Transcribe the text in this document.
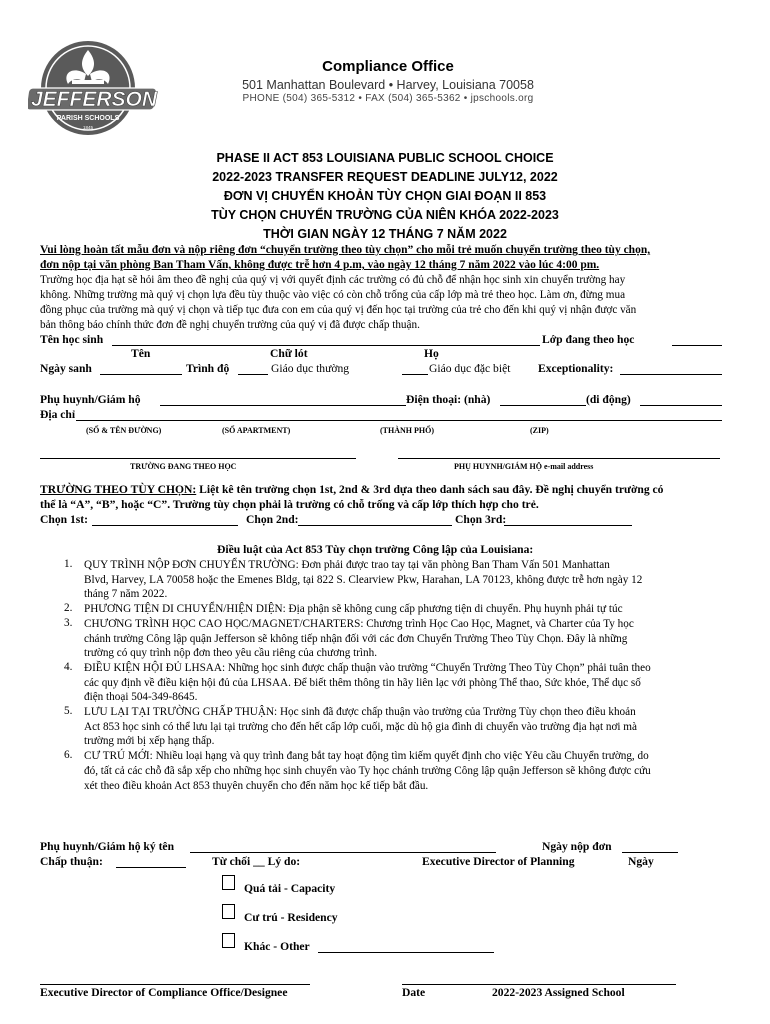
JEFFERSON
PARISH SCHOOLS
1845
Compliance Office
501 Manhattan Boulevard • Harvey, Louisiana 70058
PHONE (504) 365-5312 • FAX (504) 365-5362 • jpschools.org
PHASE II ACT 853 LOUISIANA PUBLIC SCHOOL CHOICE
2022-2023 TRANSFER REQUEST DEADLINE JULY12, 2022
ĐƠN VỊ CHUYỂN KHOẢN TÙY CHỌN GIAI ĐOẠN II 853
TÙY CHỌN CHUYỂN TRƯỜNG CỦA NIÊN KHÓA 2022-2023
THỜI GIAN NGÀY 12 THÁNG 7 NĂM 2022
Vui lòng hoàn tất mẫu đơn và nộp riêng đơn “chuyển trường theo tùy chọn” cho mỗi trẻ muốn chuyển trường theo tùy chọn,
đơn nộp tại văn phòng Ban Tham Vấn, không được trễ hơn 4 p.m, vào ngày 12 tháng 7 năm 2022 vào lúc 4:00 pm.
Trường học địa hạt sẽ hỏi âm theo đề nghị của quý vị với quyết định các trường có đủ chỗ để nhận học sinh xin chuyển trường hay
không. Những trường mà quý vị chọn lựa đều tùy thuộc vào việc có còn chỗ trống của cấp lớp mà trẻ theo học. Làm ơn, đừng mua
đồng phục của trường mà quý vị chọn và tiếp tục đưa con em của quý vị đến học tại trường của trẻ cho đến khi quý vị nhận được văn
bản thông báo chính thức đơn đề nghị chuyển trường của quý vị đã được chấp thuận.
Tên học sinh	Lớp đang theo học
Tên	Chữ lót	Họ
Ngày sanh	Trình độ	Giáo dục thường	Giáo dục đặc biệt Exceptionality:
Phụ huynh/Giám hộ	Điện thoại: (nhà)	(di động)
Địa chỉ
(SỐ & TÊN ĐƯỜNG)	(SỐ APARTMENT)	(THÀNH PHỐ)	(ZIP)
TRƯỜNG ĐANG THEO HỌC	PHỤ HUYNH/GIÁM HỘ e-mail address
TRƯỜNG THEO TÙY CHỌN: Liệt kê tên trường chọn 1st, 2nd & 3rd dựa theo danh sách sau đây. Đề nghị chuyển trường có
thể là “A”, “B”, hoặc “C”. Trường tùy chọn phải là trường có chỗ trống và cấp lớp thích hợp cho trẻ.
Chọn 1st:	Chọn 2nd:	Chọn 3rd:
Điều luật của Act 853 Tùy chọn trường Công lập của Louisiana:
1. QUY TRÌNH NỘP ĐƠN CHUYỂN TRƯỜNG: Đơn phải được trao tay tại văn phòng Ban Tham Vấn 501 Manhattan
Blvd, Harvey, LA 70058 hoặc the Emenes Bldg, tại 822 S. Clearview Pkw, Harahan, LA 70123, không được trễ hơn ngày 12
tháng 7 năm 2022.
2. PHƯƠNG TIỆN DI CHUYỂN/HIỆN DIỆN: Địa phận sẽ không cung cấp phương tiện di chuyển. Phụ huynh phải tự túc
3. CHƯƠNG TRÌNH HỌC CAO HỌC/MAGNET/CHARTERS: Chương trình Học Cao Học, Magnet, và Charter của Ty học
chánh trường Công lập quận Jefferson sẽ không tiếp nhận đối với các đơn Chuyển Trường Theo Tùy Chọn. Đây là những
trường có quy trình nộp đơn theo yêu cầu riêng của chương trình.
4. ĐIỀU KIỆN HỘI ĐỦ LHSAA: Những học sinh được chấp thuận vào trường “Chuyển Trường Theo Tùy Chọn” phải tuân theo
các quy định về điều kiện hội đủ của LHSAA. Để biết thêm thông tin hãy liên lạc với phòng Thể thao, Sức khỏe, Thể dục số
điện thoại 504-349-8645.
5. LƯU LẠI TẠI TRƯỜNG CHẤP THUẬN: Học sinh đã được chấp thuận vào trường của Trường Tùy chọn theo điều khoản
Act 853 học sinh có thể lưu lại tại trường cho đến hết cấp lớp cuối, mặc dù hộ gia đình di chuyển vào trường địa hạt nơi mà
trường mới bị xếp hạng thấp.
6. CƯ TRÚ MỚI: Nhiều loại hạng và quy trình đang bắt tay hoạt động tìm kiếm quyết định cho việc Yêu cầu Chuyển trường, do
đó, tất cả các chỗ đã sắp xếp cho những học sinh chuyển vào Ty học chánh trường Công lập quận Jefferson sẽ không được cứu
xét theo điều khoản Act 853 thuyên chuyển cho đến năm học kế tiếp bắt đầu.
Phụ huynh/Giám hộ ký tên	Ngày nộp đơn
Chấp thuận:	Từ chối __ Lý do:	Executive Director of Planning	Ngày
Quá tải - Capacity
Cư trú - Residency
Khác - Other
Executive Director of Compliance Office/Designee	Date	2022-2023 Assigned School
